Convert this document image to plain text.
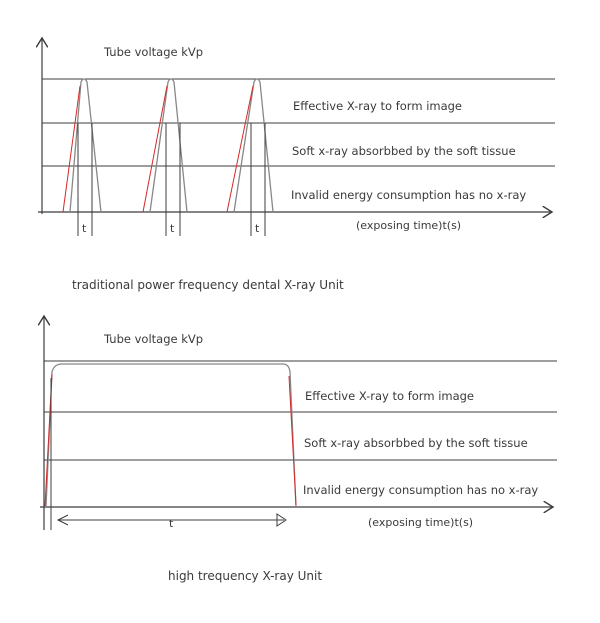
Tube voltage kVp
Effective X-ray to form image
Soft x-ray absorbbed by the soft tissue
Invalid energy consumption has no x-ray
(exposing time)t(s)
t	t	t
traditional power frequency dental X-ray Unit
Tube voltage kVp
Effective X-ray to form image
Soft x-ray absorbbed by the soft tissue
Invalid energy consumption has no x-ray
(exposing time)t(s)
t
high trequency X-ray Unit
